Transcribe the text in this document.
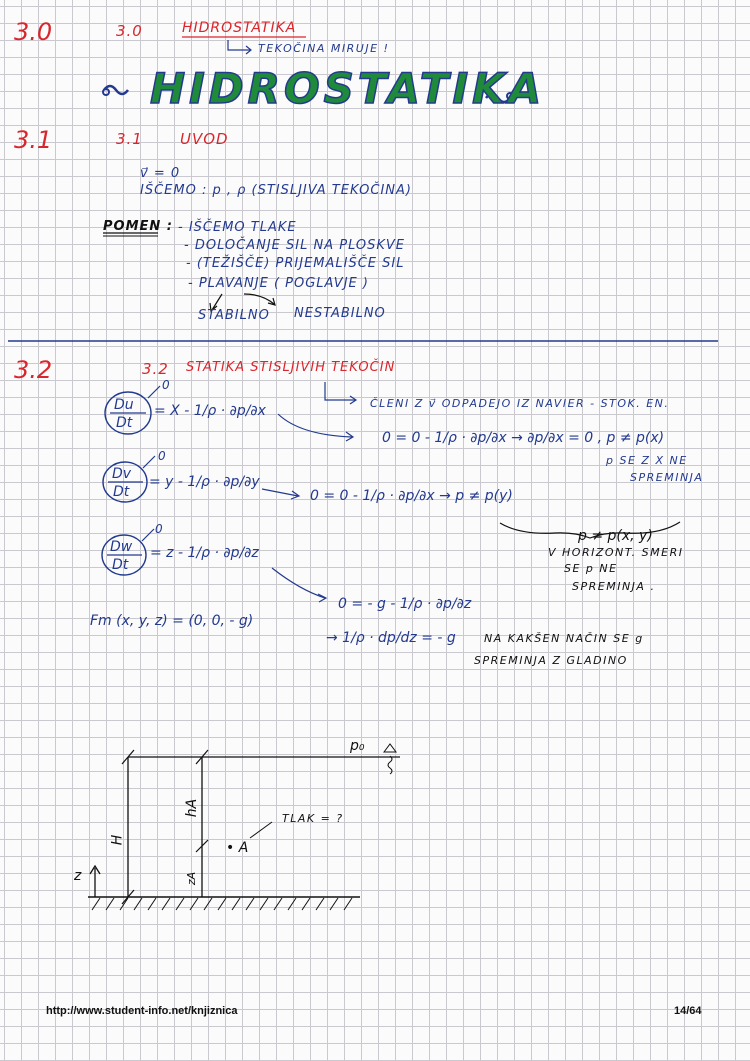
3.0	3.0	HIDROSTATIKA
TEKOČINA MIRUJE !
HIDROSTATIKA
3.1	3.1 UVOD
v⃗ = 0
IŠČEMO : p , ρ (STISLJIVA TEKOČINA)
POMEN : - IŠČEMO TLAKE
- DOLOČANJE SIL NA PLOSKVE
- (TEŽIŠČE) PRIJEMALIŠČE SIL
- PLAVANJE ( POGLAVJE )
STABILNO NESTABILNO
3.2	3.2 STATIKA STISLJIVIH TEKOČIN
Du
Dt
0
= X - 1/ρ · ∂p/∂x
Dv
Dt
0
= y - 1/ρ · ∂p/∂y
Dw
Dt
0
= z - 1/ρ · ∂p/∂z
ČLENI Z v⃗ ODPADEJO IZ NAVIER - STOK. EN.
0 = 0 - 1/ρ · ∂p/∂x → ∂p/∂x = 0 , p ≠ p(x)
p SE Z X NE
SPREMINJA
0 = 0 - 1/ρ · ∂p/∂x → p ≠ p(y)
p ≠ p(x, y)
V HORIZONT. SMERI
SE p NE
SPREMINJA .
Fm (x, y, z) = (0, 0, - g)
0 = - g - 1/ρ · ∂p/∂z
→ 1/ρ · dp/dz = - g	NA KAKŠEN NAČIN SE g
SPREMINJA Z GLADINO
p₀
hA
H
zA
• A
TLAK = ?
z
http://www.student-info.net/knjiznica	14/64
